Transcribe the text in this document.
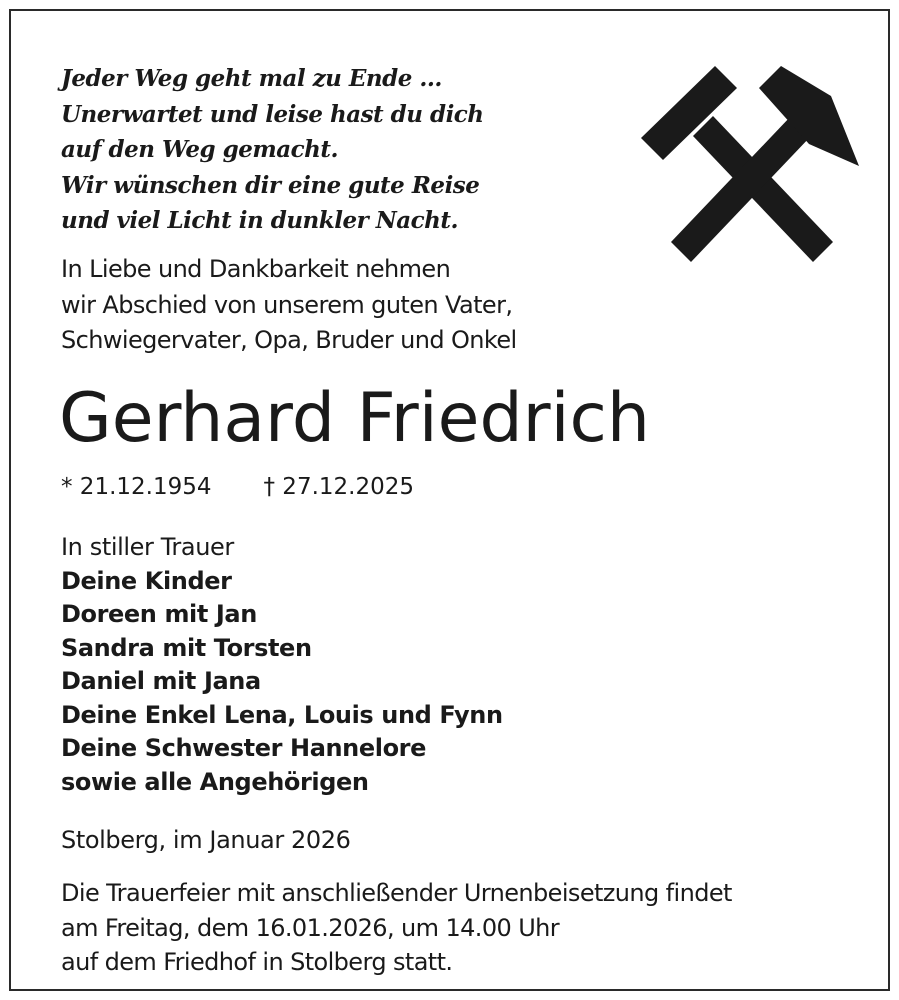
Jeder Weg geht mal zu Ende ...
Unerwartet und leise hast du dich
auf den Weg gemacht.
Wir wünschen dir eine gute Reise
und viel Licht in dunkler Nacht.
In Liebe und Dankbarkeit nehmen
wir Abschied von unserem guten Vater,
Schwiegervater, Opa, Bruder und Onkel
Gerhard Friedrich
* 21.12.1954 † 27.12.2025
In stiller Trauer
Deine Kinder
Doreen mit Jan
Sandra mit Torsten
Daniel mit Jana
Deine Enkel Lena, Louis und Fynn
Deine Schwester Hannelore
sowie alle Angehörigen
Stolberg, im Januar 2026
Die Trauerfeier mit anschließender Urnenbeisetzung findet
am Freitag, dem 16.01.2026, um 14.00 Uhr
auf dem Friedhof in Stolberg statt.
